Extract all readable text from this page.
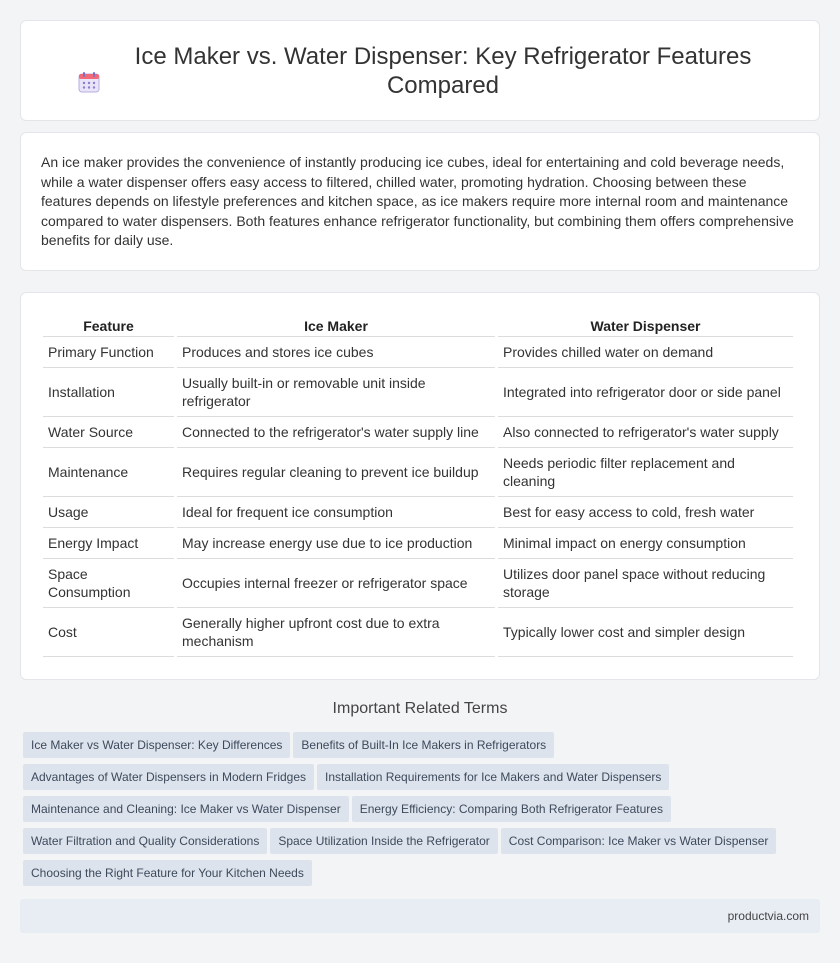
Ice Maker vs. Water Dispenser: Key Refrigerator Features Compared

An ice maker provides the convenience of instantly producing ice cubes, ideal for entertaining and cold beverage needs, while a water dispenser offers easy access to filtered, chilled water, promoting hydration. Choosing between these features depends on lifestyle preferences and kitchen space, as ice makers require more internal room and maintenance compared to water dispensers. Both features enhance refrigerator functionality, but combining them offers comprehensive benefits for daily use.

Feature	Ice Maker	Water Dispenser
Primary Function	Produces and stores ice cubes	Provides chilled water on demand
Installation	Usually built-in or removable unit inside refrigerator	Integrated into refrigerator door or side panel
Water Source	Connected to the refrigerator's water supply line	Also connected to refrigerator's water supply
Maintenance	Requires regular cleaning to prevent ice buildup	Needs periodic filter replacement and cleaning
Usage	Ideal for frequent ice consumption	Best for easy access to cold, fresh water
Energy Impact	May increase energy use due to ice production	Minimal impact on energy consumption
Space Consumption	Occupies internal freezer or refrigerator space	Utilizes door panel space without reducing storage
Cost	Generally higher upfront cost due to extra mechanism	Typically lower cost and simpler design
Important Related Terms
Ice Maker vs Water Dispenser: Key Differences Benefits of Built-In Ice Makers in Refrigerators
Advantages of Water Dispensers in Modern Fridges Installation Requirements for Ice Makers and Water Dispensers
Maintenance and Cleaning: Ice Maker vs Water Dispenser Energy Efficiency: Comparing Both Refrigerator Features
Water Filtration and Quality Considerations Space Utilization Inside the Refrigerator Cost Comparison: Ice Maker vs Water Dispenser
Choosing the Right Feature for Your Kitchen Needs
productvia.com
